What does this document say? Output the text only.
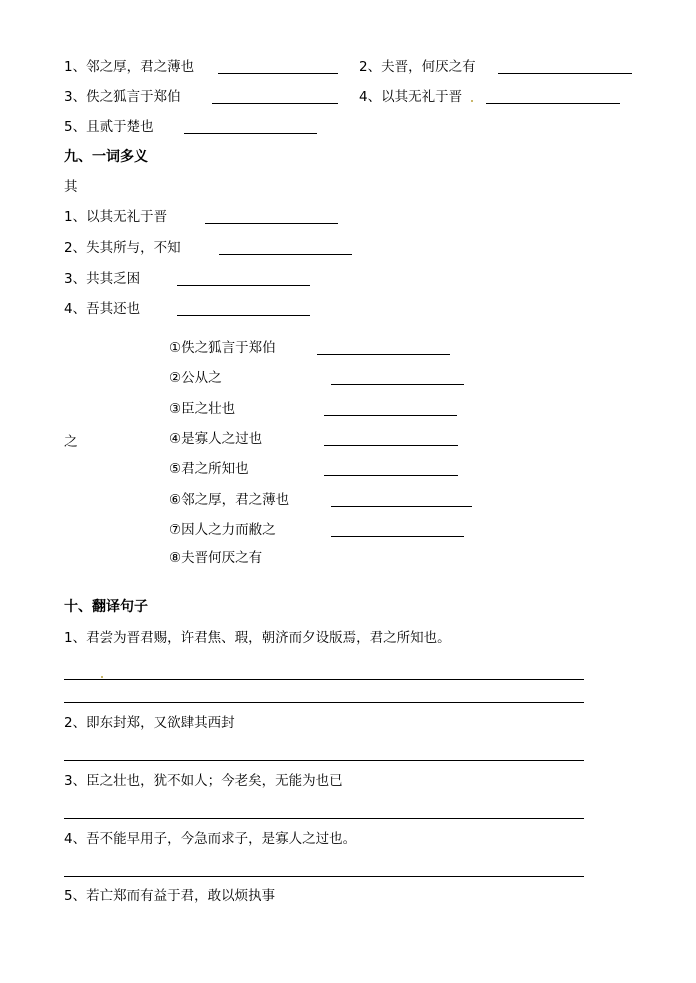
1、邻之厚，君之薄也	2、夫晋，何厌之有
3、佚之狐言于郑伯	4、以其无礼于晋
5、且贰于楚也
九、一词多义
其
1、以其无礼于晋
2、失其所与，不知
3、共其乏困
4、吾其还也
之
①佚之狐言于郑伯
②公从之
③臣之壮也
④是寡人之过也
⑤君之所知也
⑥邻之厚，君之薄也
⑦因人之力而敝之
⑧夫晋何厌之有
十、翻译句子
1、君尝为晋君赐，许君焦、瑕，朝济而夕设版焉，君之所知也。
2、即东封郑，又欲肆其西封
3、臣之壮也，犹不如人；今老矣，无能为也已
4、吾不能早用子，今急而求子，是寡人之过也。
5、若亡郑而有益于君，敢以烦执事
